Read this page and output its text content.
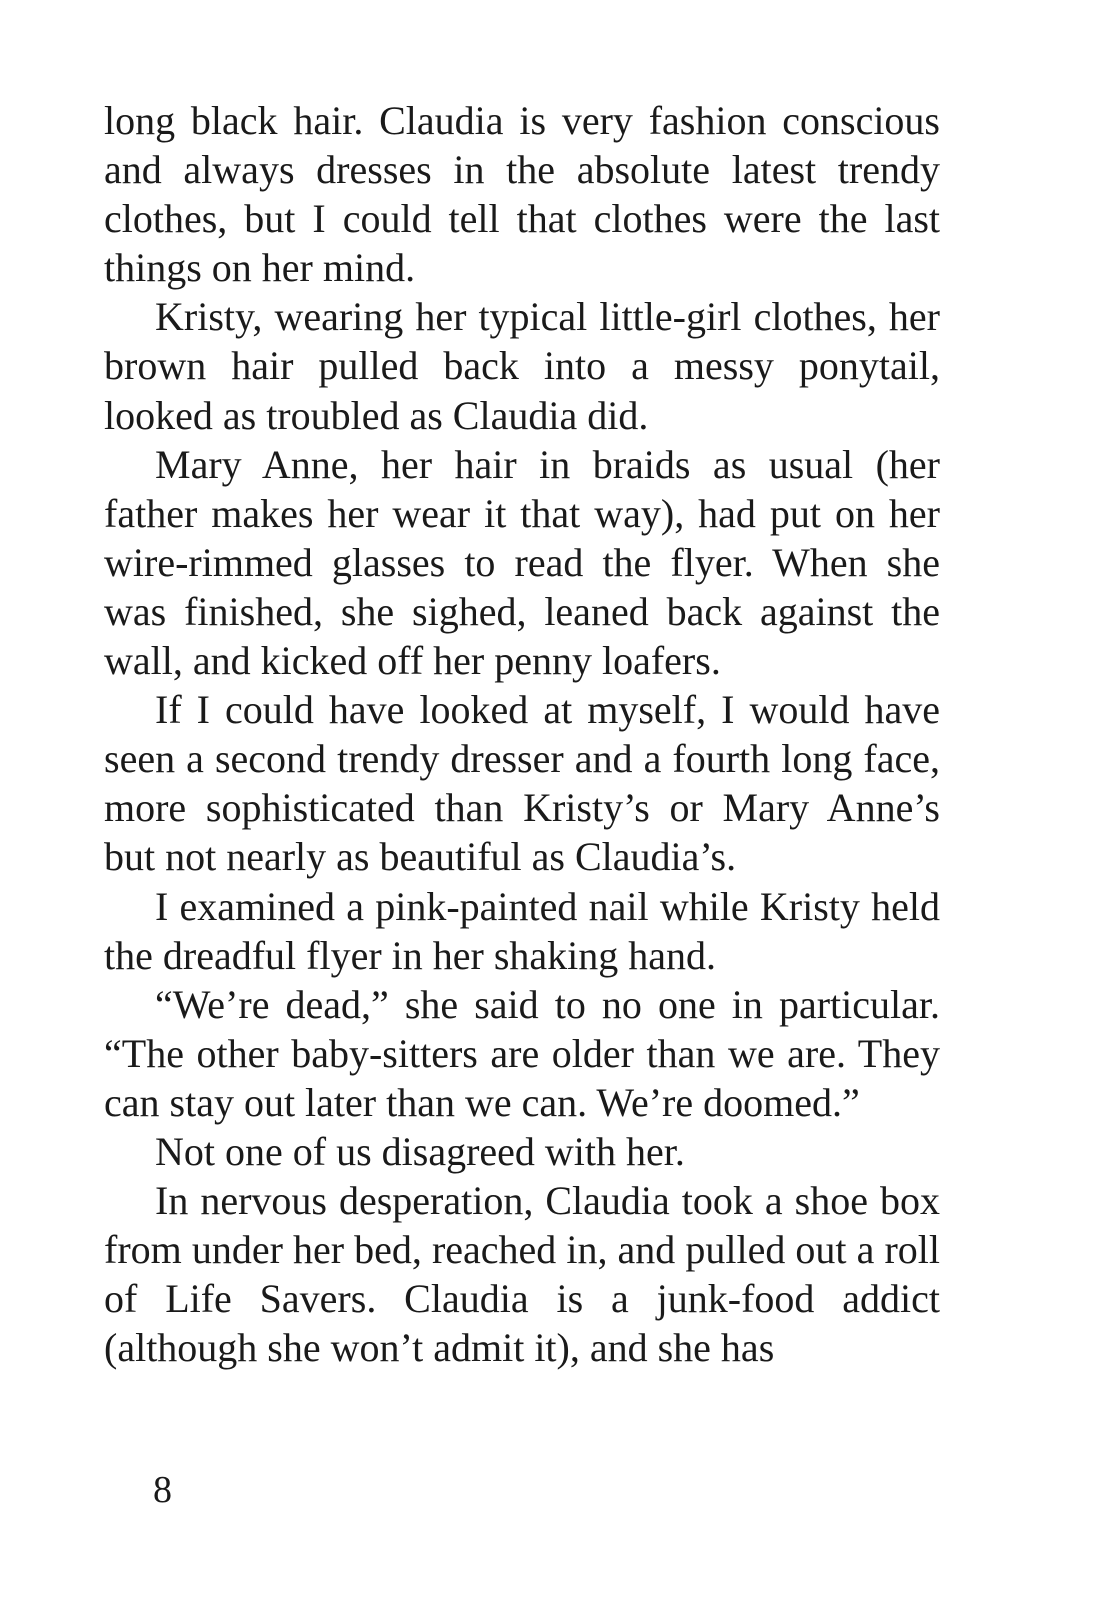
long black hair. Claudia is very fashion conscious and always dresses in the absolute latest trendy clothes, but I could tell that clothes were the last things on her mind.

Kristy, wearing her typical little-girl clothes, her brown hair pulled back into a messy ponytail, looked as troubled as Claudia did.

Mary Anne, her hair in braids as usual (her father makes her wear it that way), had put on her wire-rimmed glasses to read the flyer. When she was finished, she sighed, leaned back against the wall, and kicked off her penny loafers.

If I could have looked at myself, I would have seen a second trendy dresser and a fourth long face, more sophisticated than Kristy’s or Mary Anne’s but not nearly as beautiful as Claudia’s.

I examined a pink-painted nail while Kristy held the dreadful flyer in her shaking hand.

“We’re dead,” she said to no one in particular. “The other baby-sitters are older than we are. They can stay out later than we can. We’re doomed.”

Not one of us disagreed with her.

In nervous desperation, Claudia took a shoe box from under her bed, reached in, and pulled out a roll of Life Savers. Claudia is a junk-food addict (although she won’t admit it), and she has

8
